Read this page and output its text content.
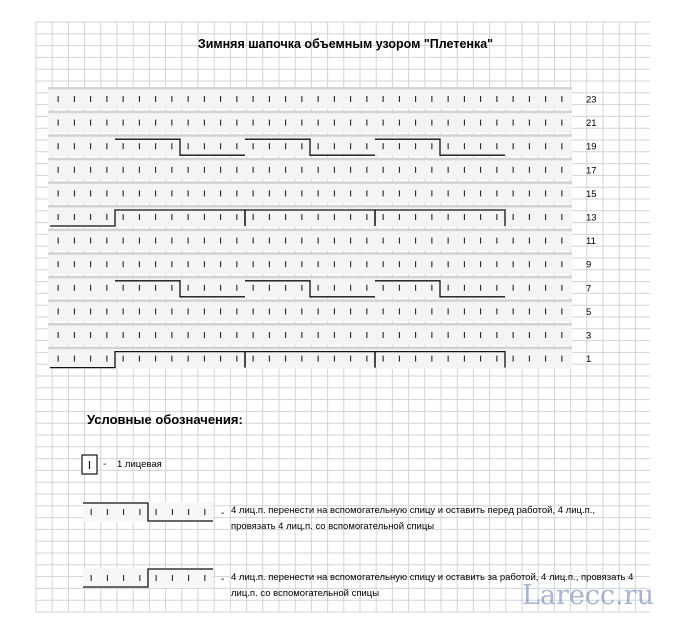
23
21
19
17
15
13
11
9
7
5
3
1
-
-
-
Зимняя шапочка объемным узором "Плетенка"
Условные обозначения:
1 лицевая
4 лиц.п. перенести на вспомогательную спицу и оставить перед работой, 4 лиц.п., провязать 4 лиц.п. со вспомогательной спицы
4 лиц.п. перенести на вспомогательную спицу и оставить за работой, 4 лиц.п., провязать 4 лиц.п. со вспомогательной спицы	Larecc.ru
